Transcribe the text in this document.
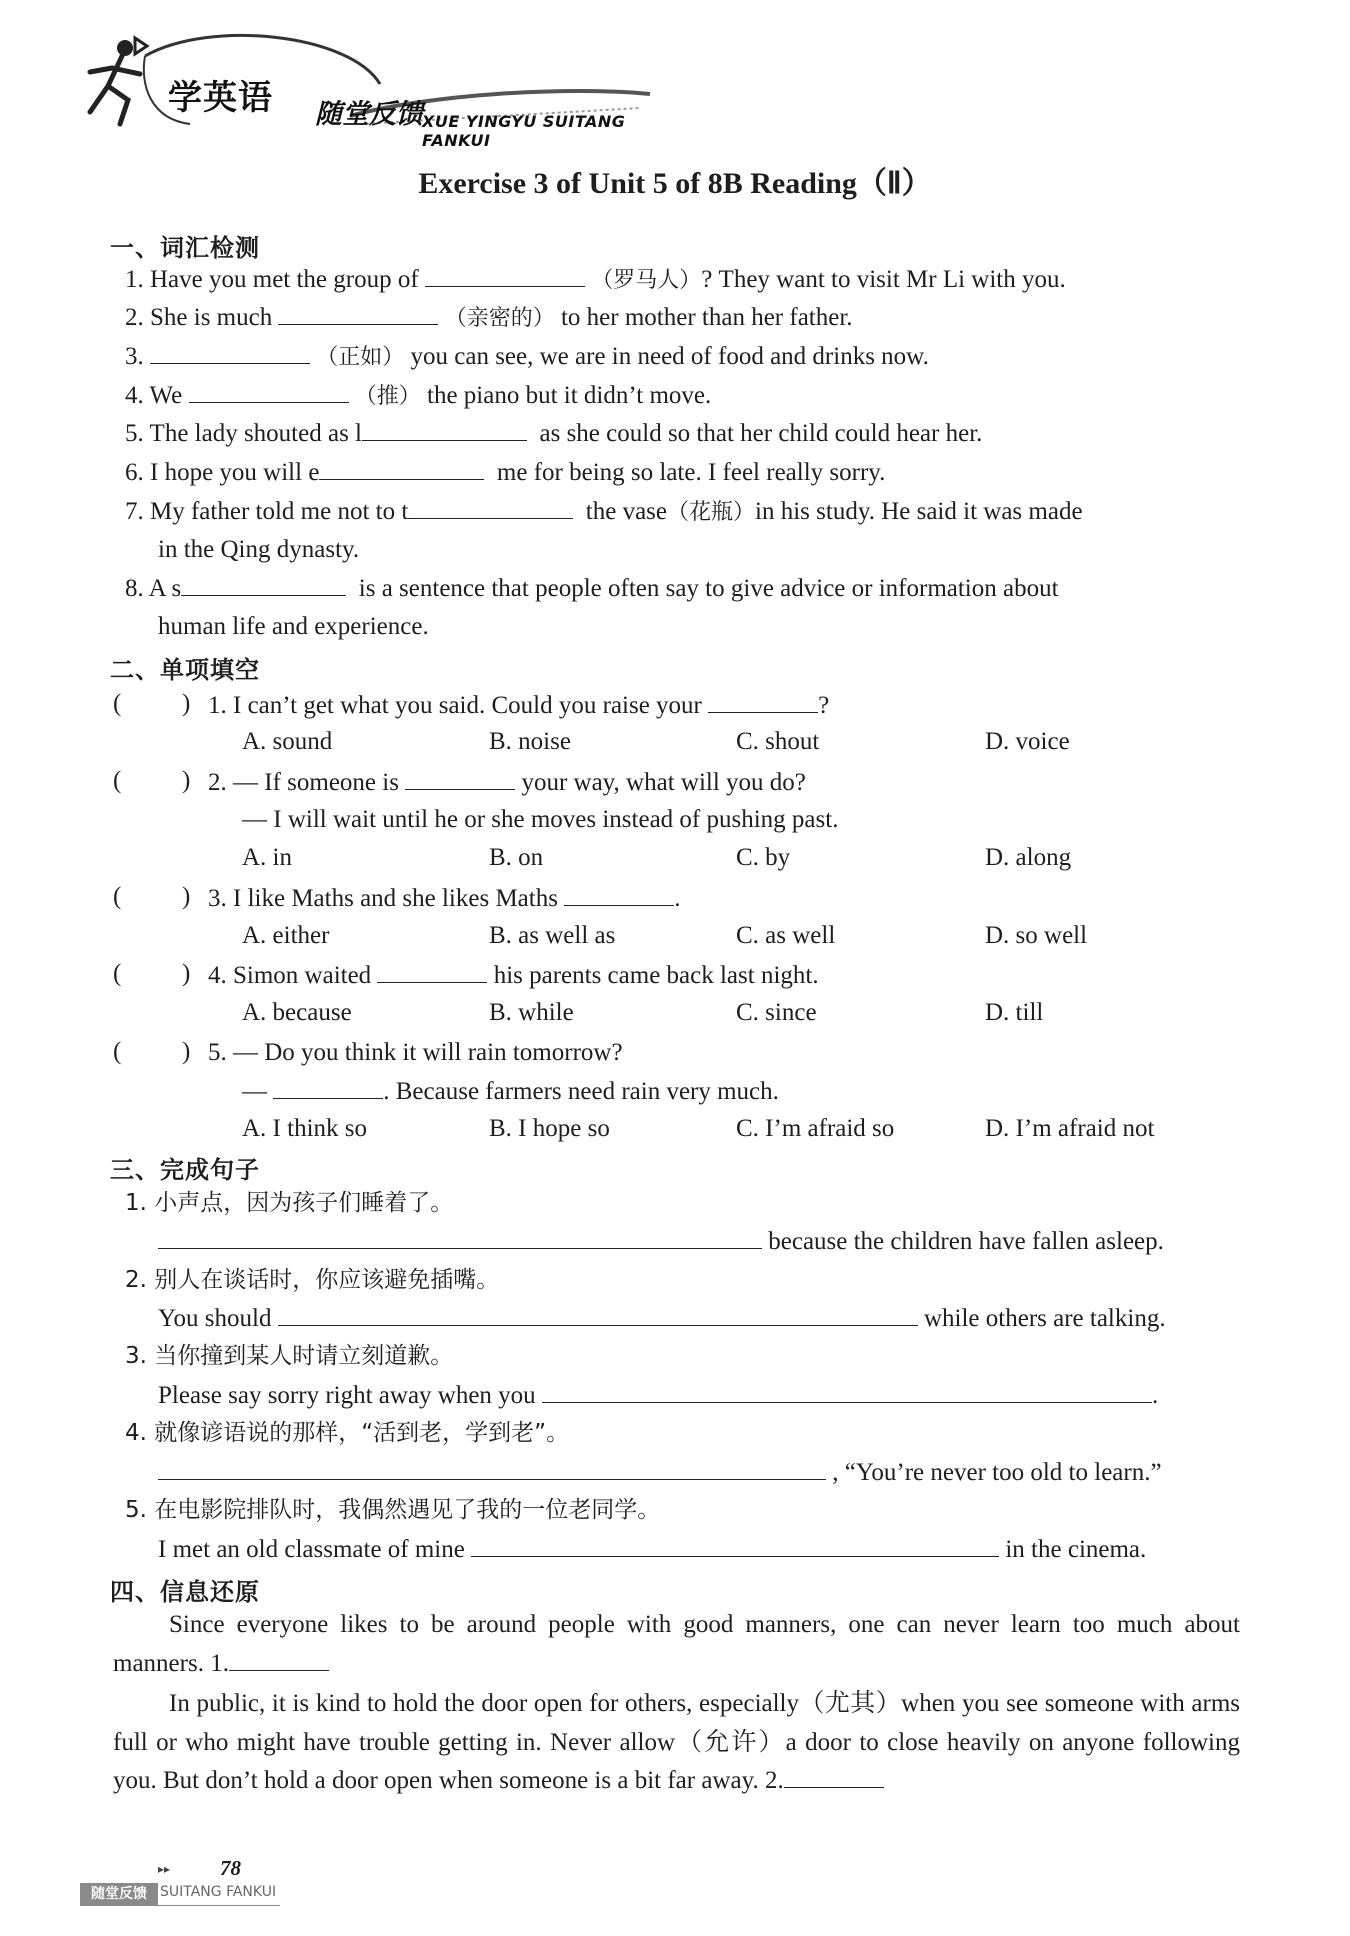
学英语 随堂反馈 XUE YINGYU SUITANG FANKUI
Exercise 3 of Unit 5 of 8B Reading（Ⅱ）
一、词汇检测
1. Have you met the group of	（罗马人）? They want to visit Mr Li with you.
2. She is much	（亲密的） to her mother than her father.
3.	（正如） you can see, we are in need of food and drinks now.
4. We	（推） the piano but it didn’t move.
5. The lady shouted as l	as she could so that her child could hear her.
6. I hope you will e	me for being so late. I feel really sorry.
7. My father told me not to t	the vase（花瓶）in his study. He said it was made
in the Qing dynasty.
8. A s	is a sentence that people often say to give advice or information about
human life and experience.
二、单项填空
( ) 1. I can’t get what you said. Could you raise your	?
A. sound	B. noise	C. shout	D. voice
( ) 2. — If someone is	your way, what will you do?
— I will wait until he or she moves instead of pushing past.
A. in	B. on	C. by	D. along
( ) 3. I like Maths and she likes Maths	.
A. either	B. as well as	C. as well	D. so well
( ) 4. Simon waited	his parents came back last night.
A. because	B. while	C. since	D. till
( ) 5. — Do you think it will rain tomorrow?
—	. Because farmers need rain very much.
A. I think so	B. I hope so	C. I’m afraid so	D. I’m afraid not
三、完成句子
1. 小声点，因为孩子们睡着了。
because the children have fallen asleep.
2. 别人在谈话时，你应该避免插嘴。
You should	while others are talking.
3. 当你撞到某人时请立刻道歉。
Please say sorry right away when you	.
4. 就像谚语说的那样，“活到老，学到老”。
, “You’re never too old to learn.”
5. 在电影院排队时，我偶然遇见了我的一位老同学。
I met an old classmate of mine	in the cinema.
四、信息还原
Since everyone likes to be around people with good manners, one can never learn too much about manners. 1.
In public, it is kind to hold the door open for others, especially（尤其）when you see someone with arms full or who might have trouble getting in. Never allow（允许）a door to close heavily on anyone following you. But don’t hold a door open when someone is a bit far away. 2.
▸▸ 78
随堂反馈 SUITANG FANKUI
